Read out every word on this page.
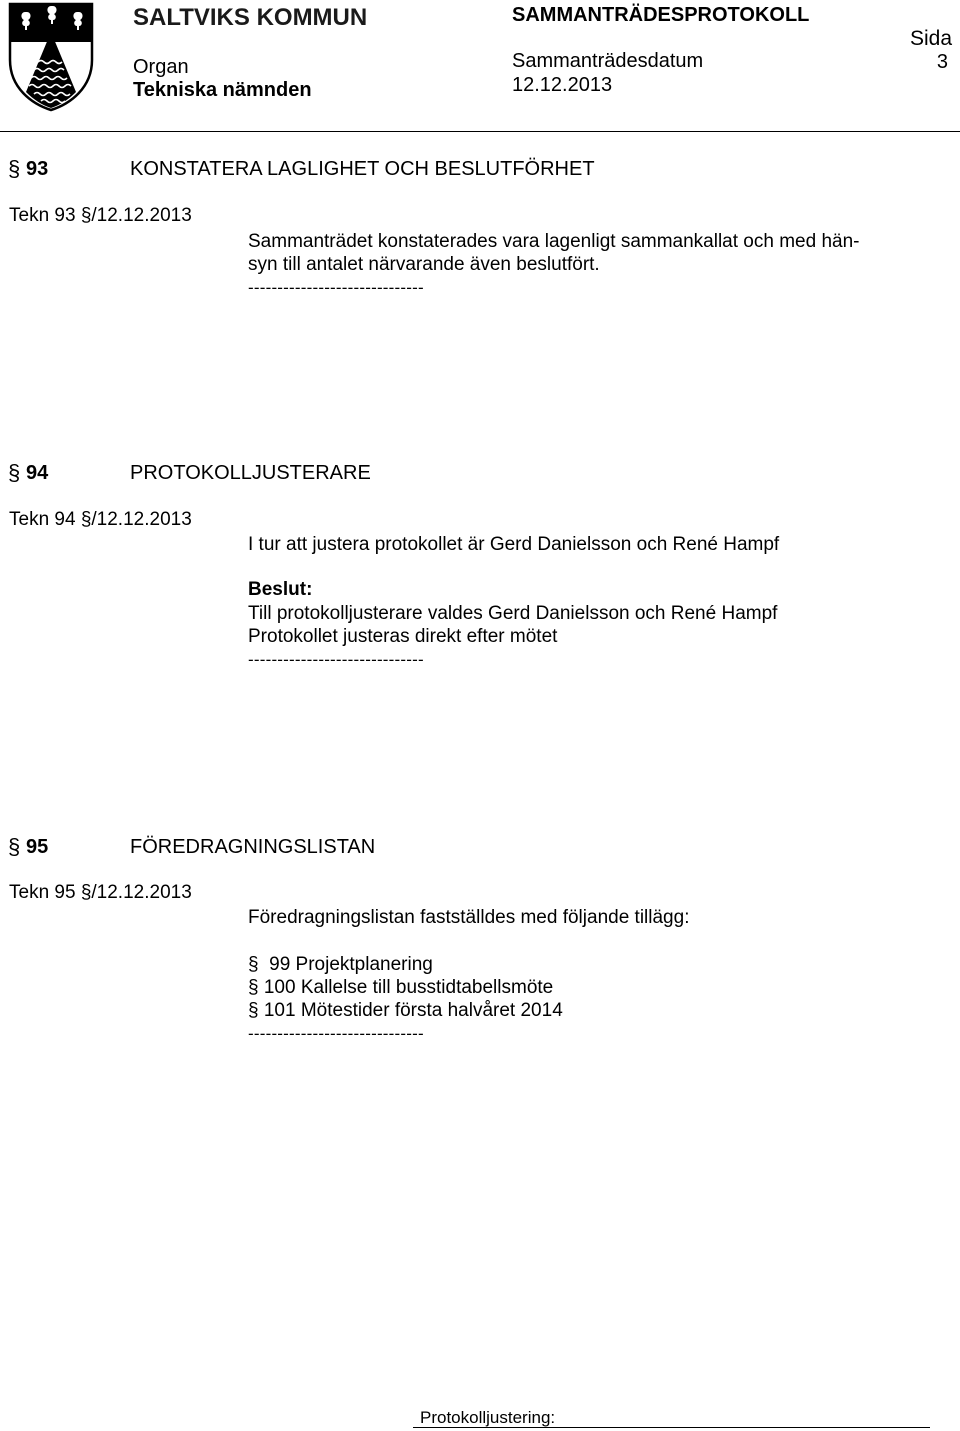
SALTVIKS KOMMUN
Organ
Tekniska nämnden
SAMMANTRÄDESPROTOKOLL
Sammanträdesdatum
12.12.2013
Sida
3
§ 93	KONSTATERA LAGLIGHET OCH BESLUTFÖRHET
Tekn 93 §/12.12.2013
Sammanträdet konstaterades vara lagenligt sammankallat och med hän-
syn till antalet närvarande även beslutfört.
------------------------------
§ 94	PROTOKOLLJUSTERARE
Tekn 94 §/12.12.2013
I tur att justera protokollet är Gerd Danielsson och René Hampf
Beslut:
Till protokolljusterare valdes Gerd Danielsson och René Hampf
Protokollet justeras direkt efter mötet
------------------------------
§ 95	FÖREDRAGNINGSLISTAN
Tekn 95 §/12.12.2013
Föredragningslistan fastställdes med följande tillägg:
§  99 Projektplanering
§ 100 Kallelse till busstidtabellsmöte
§ 101 Mötestider första halvåret 2014
------------------------------
Protokolljustering:
